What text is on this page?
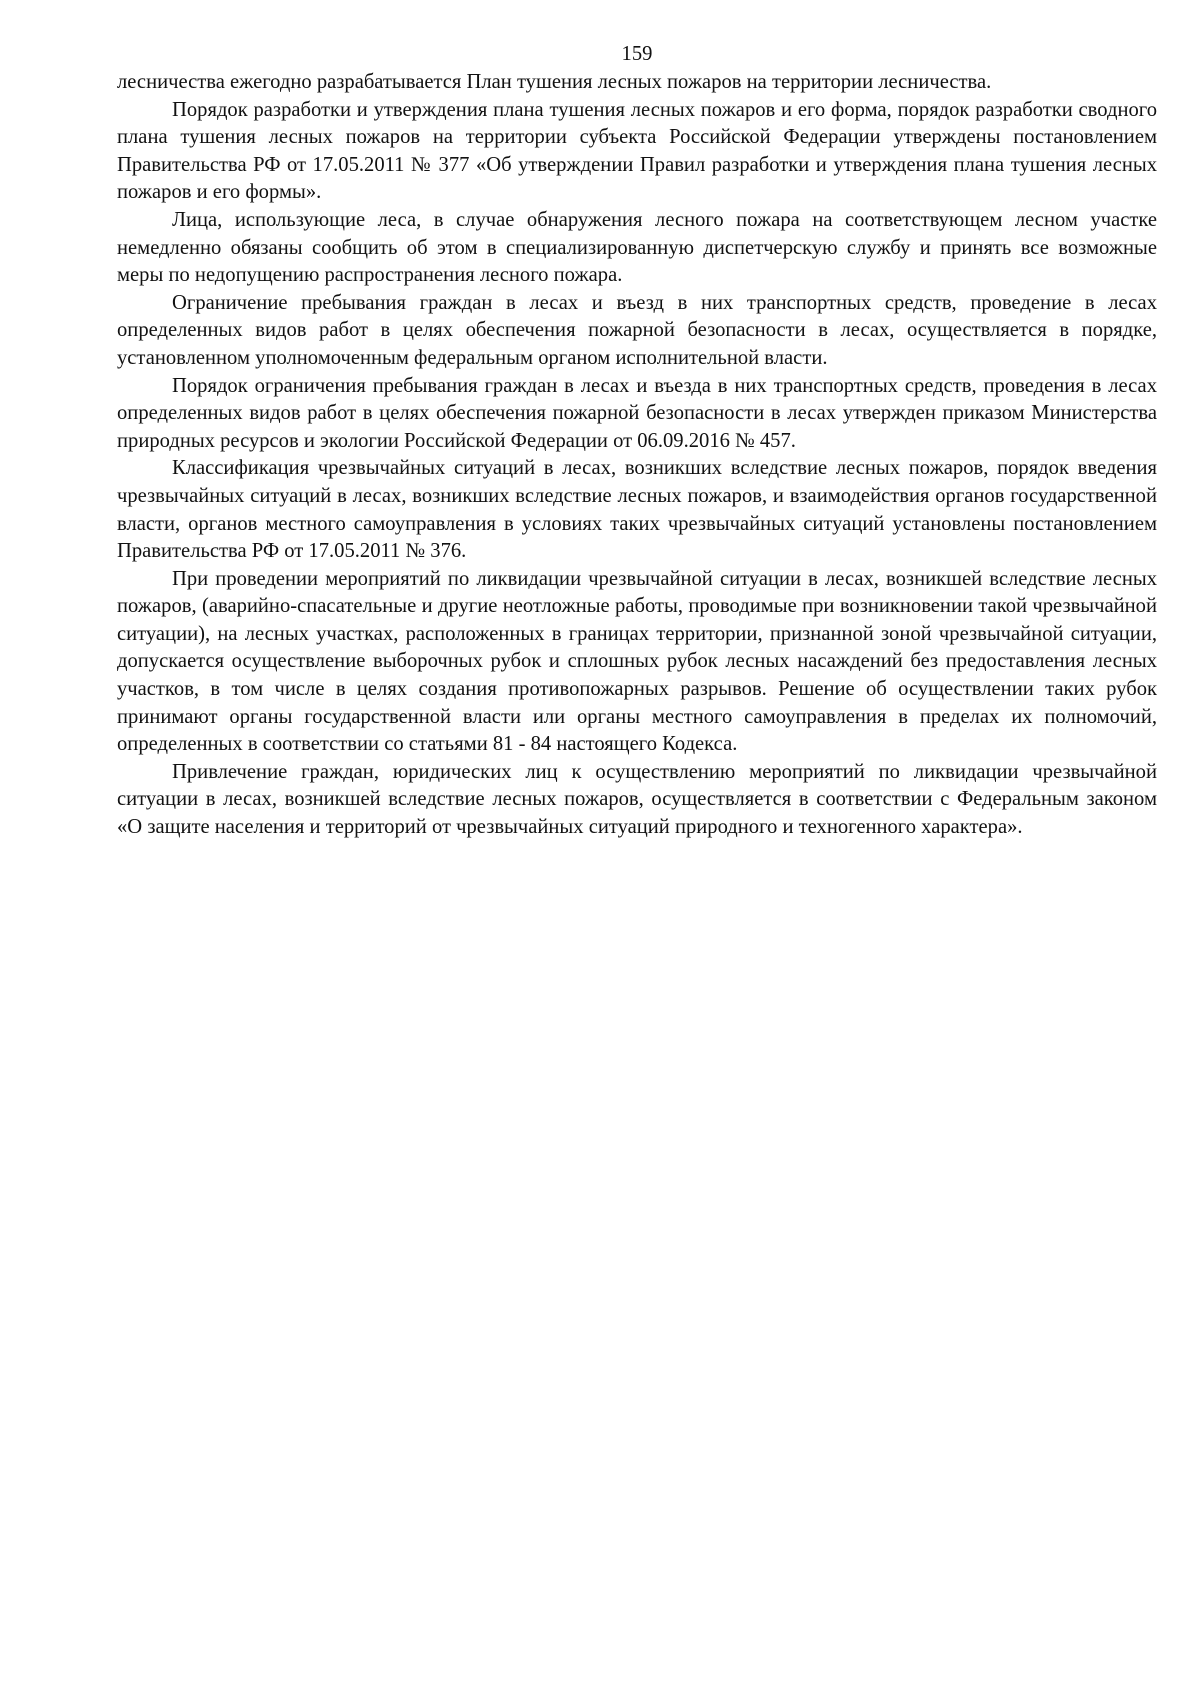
159

лесничества ежегодно разрабатывается План тушения лесных пожаров на территории лесничества.

Порядок разработки и утверждения плана тушения лесных пожаров и его форма, порядок разработки сводного плана тушения лесных пожаров на территории субъекта Российской Федерации утверждены постановлением Правительства РФ от 17.05.2011 № 377 «Об утверждении Правил разработки и утверждения плана тушения лесных пожаров и его формы».

Лица, использующие леса, в случае обнаружения лесного пожара на соответствующем лесном участке немедленно обязаны сообщить об этом в специализированную диспетчерскую службу и принять все возможные меры по недопущению распространения лесного пожара.

Ограничение пребывания граждан в лесах и въезд в них транспортных средств, проведение в лесах определенных видов работ в целях обеспечения пожарной безопасности в лесах, осуществляется в порядке, установленном уполномоченным федеральным органом исполнительной власти.

Порядок ограничения пребывания граждан в лесах и въезда в них транспортных средств, проведения в лесах определенных видов работ в целях обеспечения пожарной безопасности в лесах утвержден приказом Министерства природных ресурсов и экологии Российской Федерации от 06.09.2016 № 457.

Классификация чрезвычайных ситуаций в лесах, возникших вследствие лесных пожаров, порядок введения чрезвычайных ситуаций в лесах, возникших вследствие лесных пожаров, и взаимодействия органов государственной власти, органов местного самоуправления в условиях таких чрезвычайных ситуаций установлены постановлением Правительства РФ от 17.05.2011 № 376.

При проведении мероприятий по ликвидации чрезвычайной ситуации в лесах, возникшей вследствие лесных пожаров, (аварийно-спасательные и другие неотложные работы, проводимые при возникновении такой чрезвычайной ситуации), на лесных участках, расположенных в границах территории, признанной зоной чрезвычайной ситуации, допускается осуществление выборочных рубок и сплошных рубок лесных насаждений без предоставления лесных участков, в том числе в целях создания противопожарных разрывов. Решение об осуществлении таких рубок принимают органы государственной власти или органы местного самоуправления в пределах их полномочий, определенных в соответствии со статьями 81 - 84 настоящего Кодекса.

Привлечение граждан, юридических лиц к осуществлению мероприятий по ликвидации чрезвычайной ситуации в лесах, возникшей вследствие лесных пожаров, осуществляется в соответствии с Федеральным законом «О защите населения и территорий от чрезвычайных ситуаций природного и техногенного характера».
